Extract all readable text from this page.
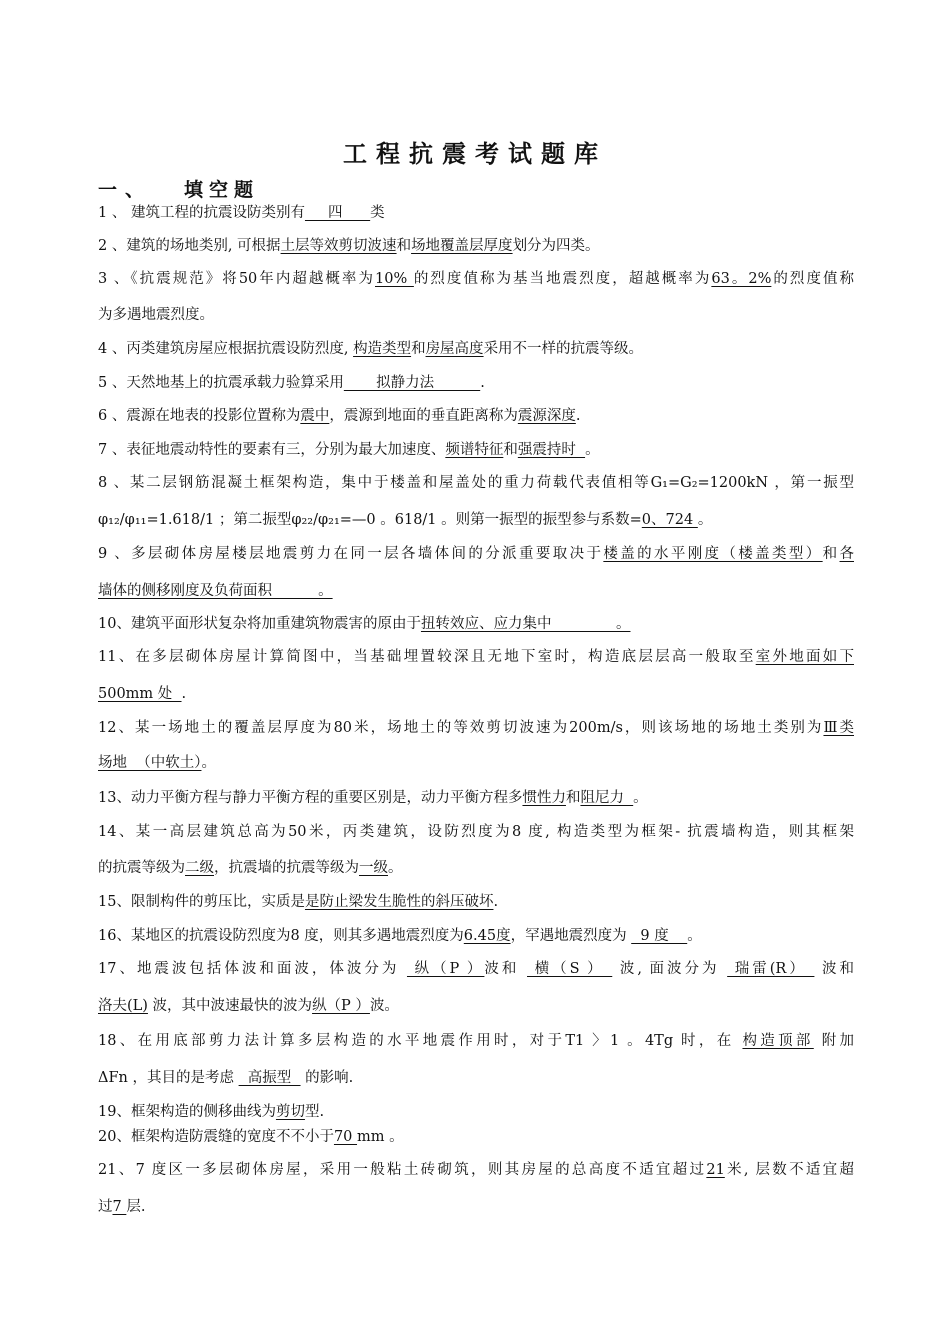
工程抗震考试题库
一 、 填空题
1 、 建筑工程的抗震设防类别有     四      类
2 、建筑的场地类别, 可根据土层等效剪切波速和场地覆盖层厚度划分为四类。
3 、《抗震规范》将50年内超越概率为10% 的烈度值称为基当地震烈度，超越概率为63。2%的烈度值称
为多遇地震烈度。
4 、丙类建筑房屋应根据抗震设防烈度, 构造类型和房屋高度采用不一样的抗震等级。
5 、天然地基上的抗震承载力验算采用       拟静力法          .
6 、震源在地表的投影位置称为震中，震源到地面的垂直距离称为震源深度.
7 、表征地震动特性的要素有三，分别为最大加速度、频谱特征和强震持时  。
8 、某二层钢筋混凝土框架构造，集中于楼盖和屋盖处的重力荷载代表值相等G₁=G₂=1200kN ，第一振型
φ₁₂/φ₁₁=1.618/1 ；第二振型φ₂₂/φ₂₁=—0 。618/1 。则第一振型的振型参与系数=0、724 。
9 、多层砌体房屋楼层地震剪力在同一层各墙体间的分派重要取决于楼盖的水平刚度（楼盖类型）和各
墙体的侧移刚度及负荷面积          。
10、建筑平面形状复杂将加重建筑物震害的原由于扭转效应、应力集中              。
11、在多层砌体房屋计算简图中，当基础埋置较深且无地下室时，构造底层层高一般取至室外地面如下
500mm 处  .
12、某一场地土的覆盖层厚度为80米，场地土的等效剪切波速为200m/s，则该场地的场地土类别为Ⅲ类
场地  （中软土）。
13、动力平衡方程与静力平衡方程的重要区别是，动力平衡方程多惯性力和阻尼力  。
14、某一高层建筑总高为50米，丙类建筑，设防烈度为8 度, 构造类型为框架- 抗震墙构造，则其框架
的抗震等级为二级，抗震墙的抗震等级为一级。
15、限制构件的剪压比，实质是是防止梁发生脆性的斜压破坏.
16、某地区的抗震设防烈度为8 度，则其多遇地震烈度为6.45度，罕遇地震烈度为   9 度    。
17、地震波包括体波和面波，体波分为  纵（P ）波和  横（S ）  波, 面波分为  瑞雷(R）  波和
洛夫(L) 波，其中波速最快的波为纵（P ）波。
18、在用底部剪力法计算多层构造的水平地震作用时，对于T1 〉1 。4Tg 时，在 构造顶部 附加
ΔFn ，其目的是考虑   高振型   的影响.
19、框架构造的侧移曲线为剪切型.
20、框架构造防震缝的宽度不不小于70 mm 。
21、7 度区一多层砌体房屋，采用一般粘土砖砌筑，则其房屋的总高度不适宜超过21米, 层数不适宜超
过7 层.
